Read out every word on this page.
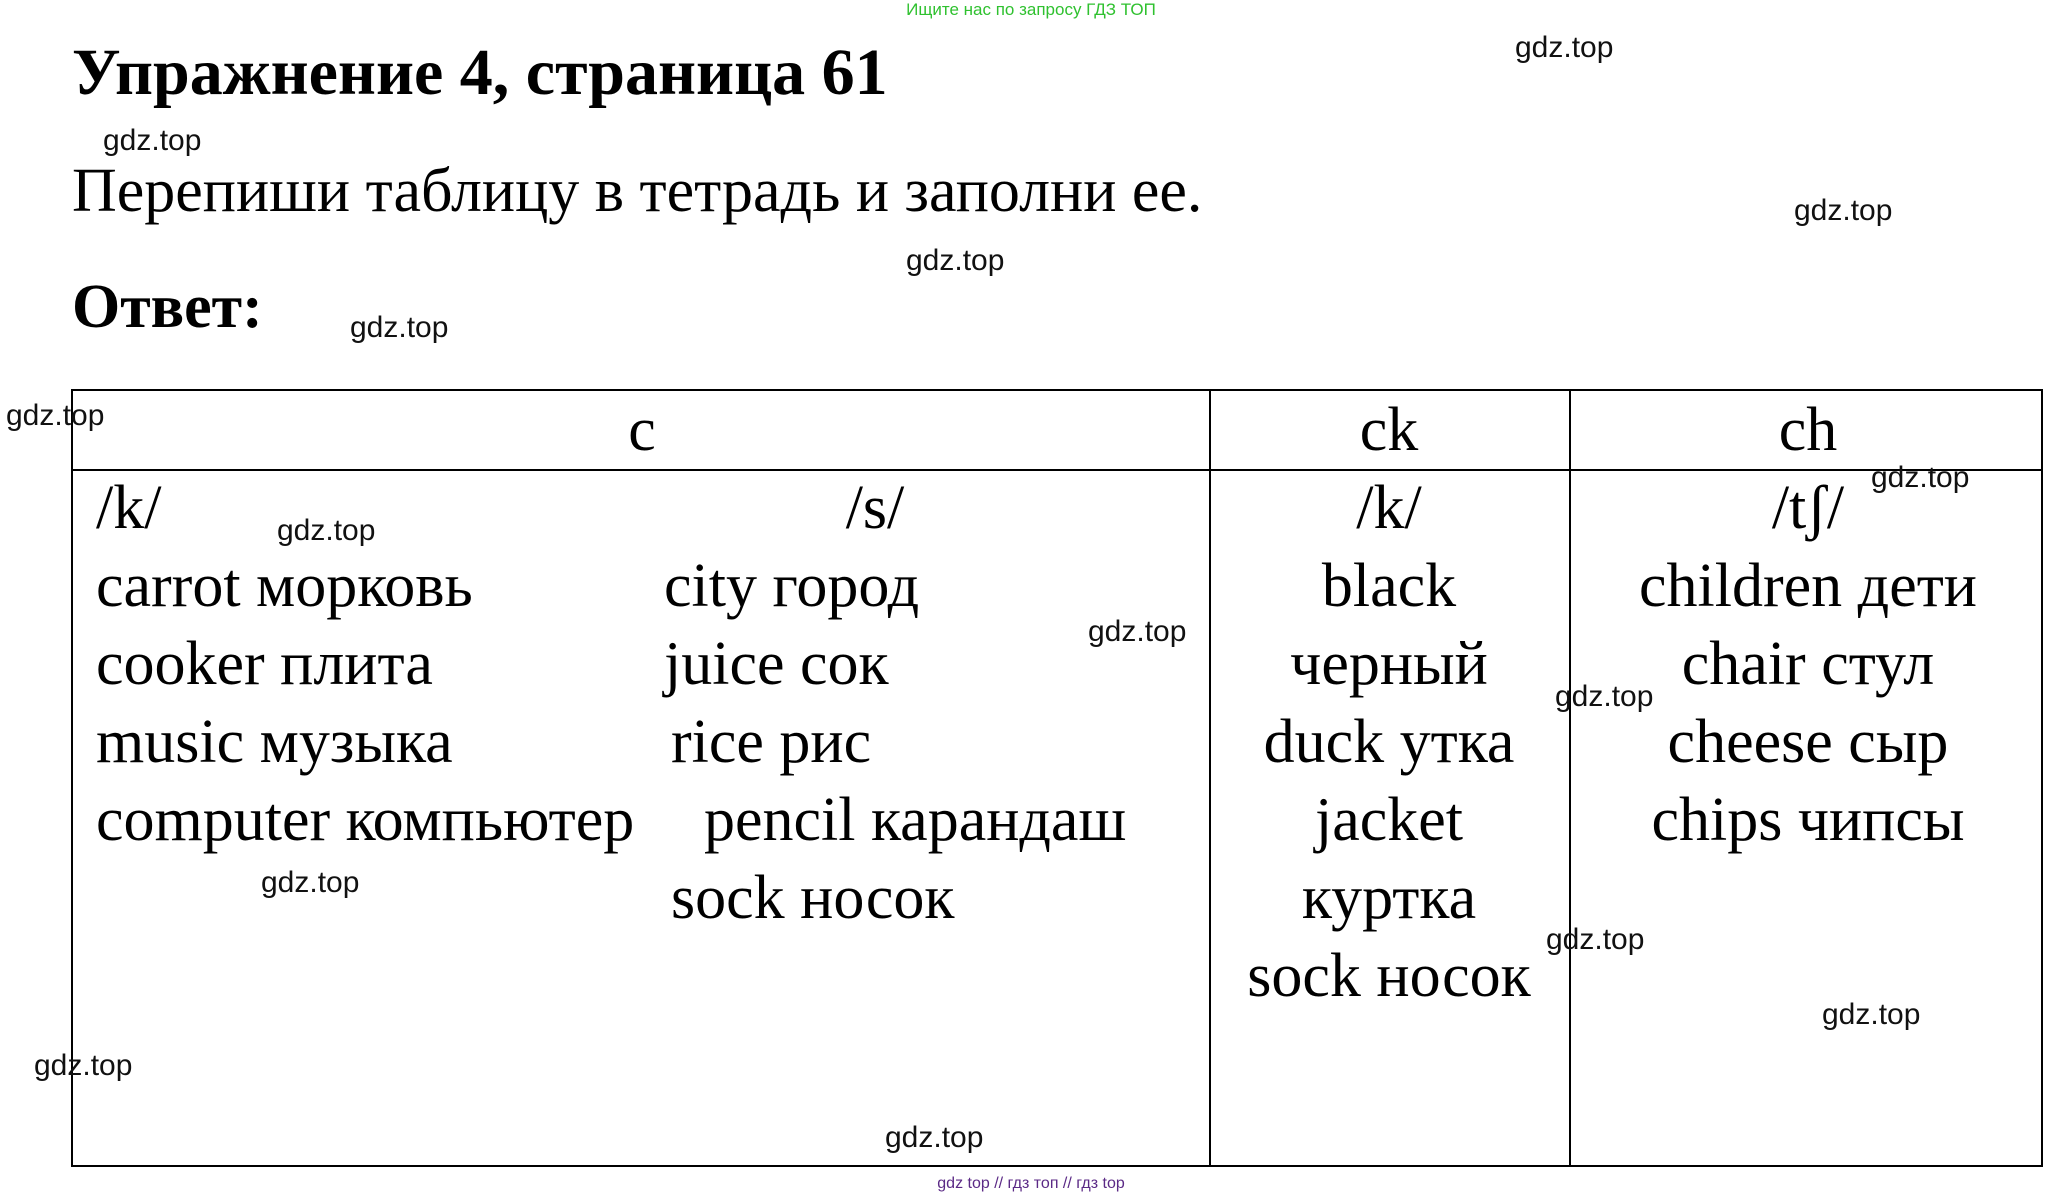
Ищите нас по запросу ГДЗ ТОП
Упражнение 4, страница 61
Перепиши таблицу в тетрадь и заполни ее.
Ответ:
c	ck	ch
/k/
carrot морковь
cooker плита
music музыка
computer компьютер
/s/
city город
juice сок
rice рис
pencil карандаш
sock носок
/k/
black
черный
duck утка
jacket
куртка
sock носок
/tʃ/
children дети
chair стул
cheese сыр
chips чипсы
gdz.top
gdz.top
gdz.top
gdz.top
gdz.top
gdz.top
gdz.top
gdz.top
gdz.top
gdz.top
gdz.top
gdz.top
gdz.top
gdz.top
gdz.top
gdz top // гдз топ // гдз top
